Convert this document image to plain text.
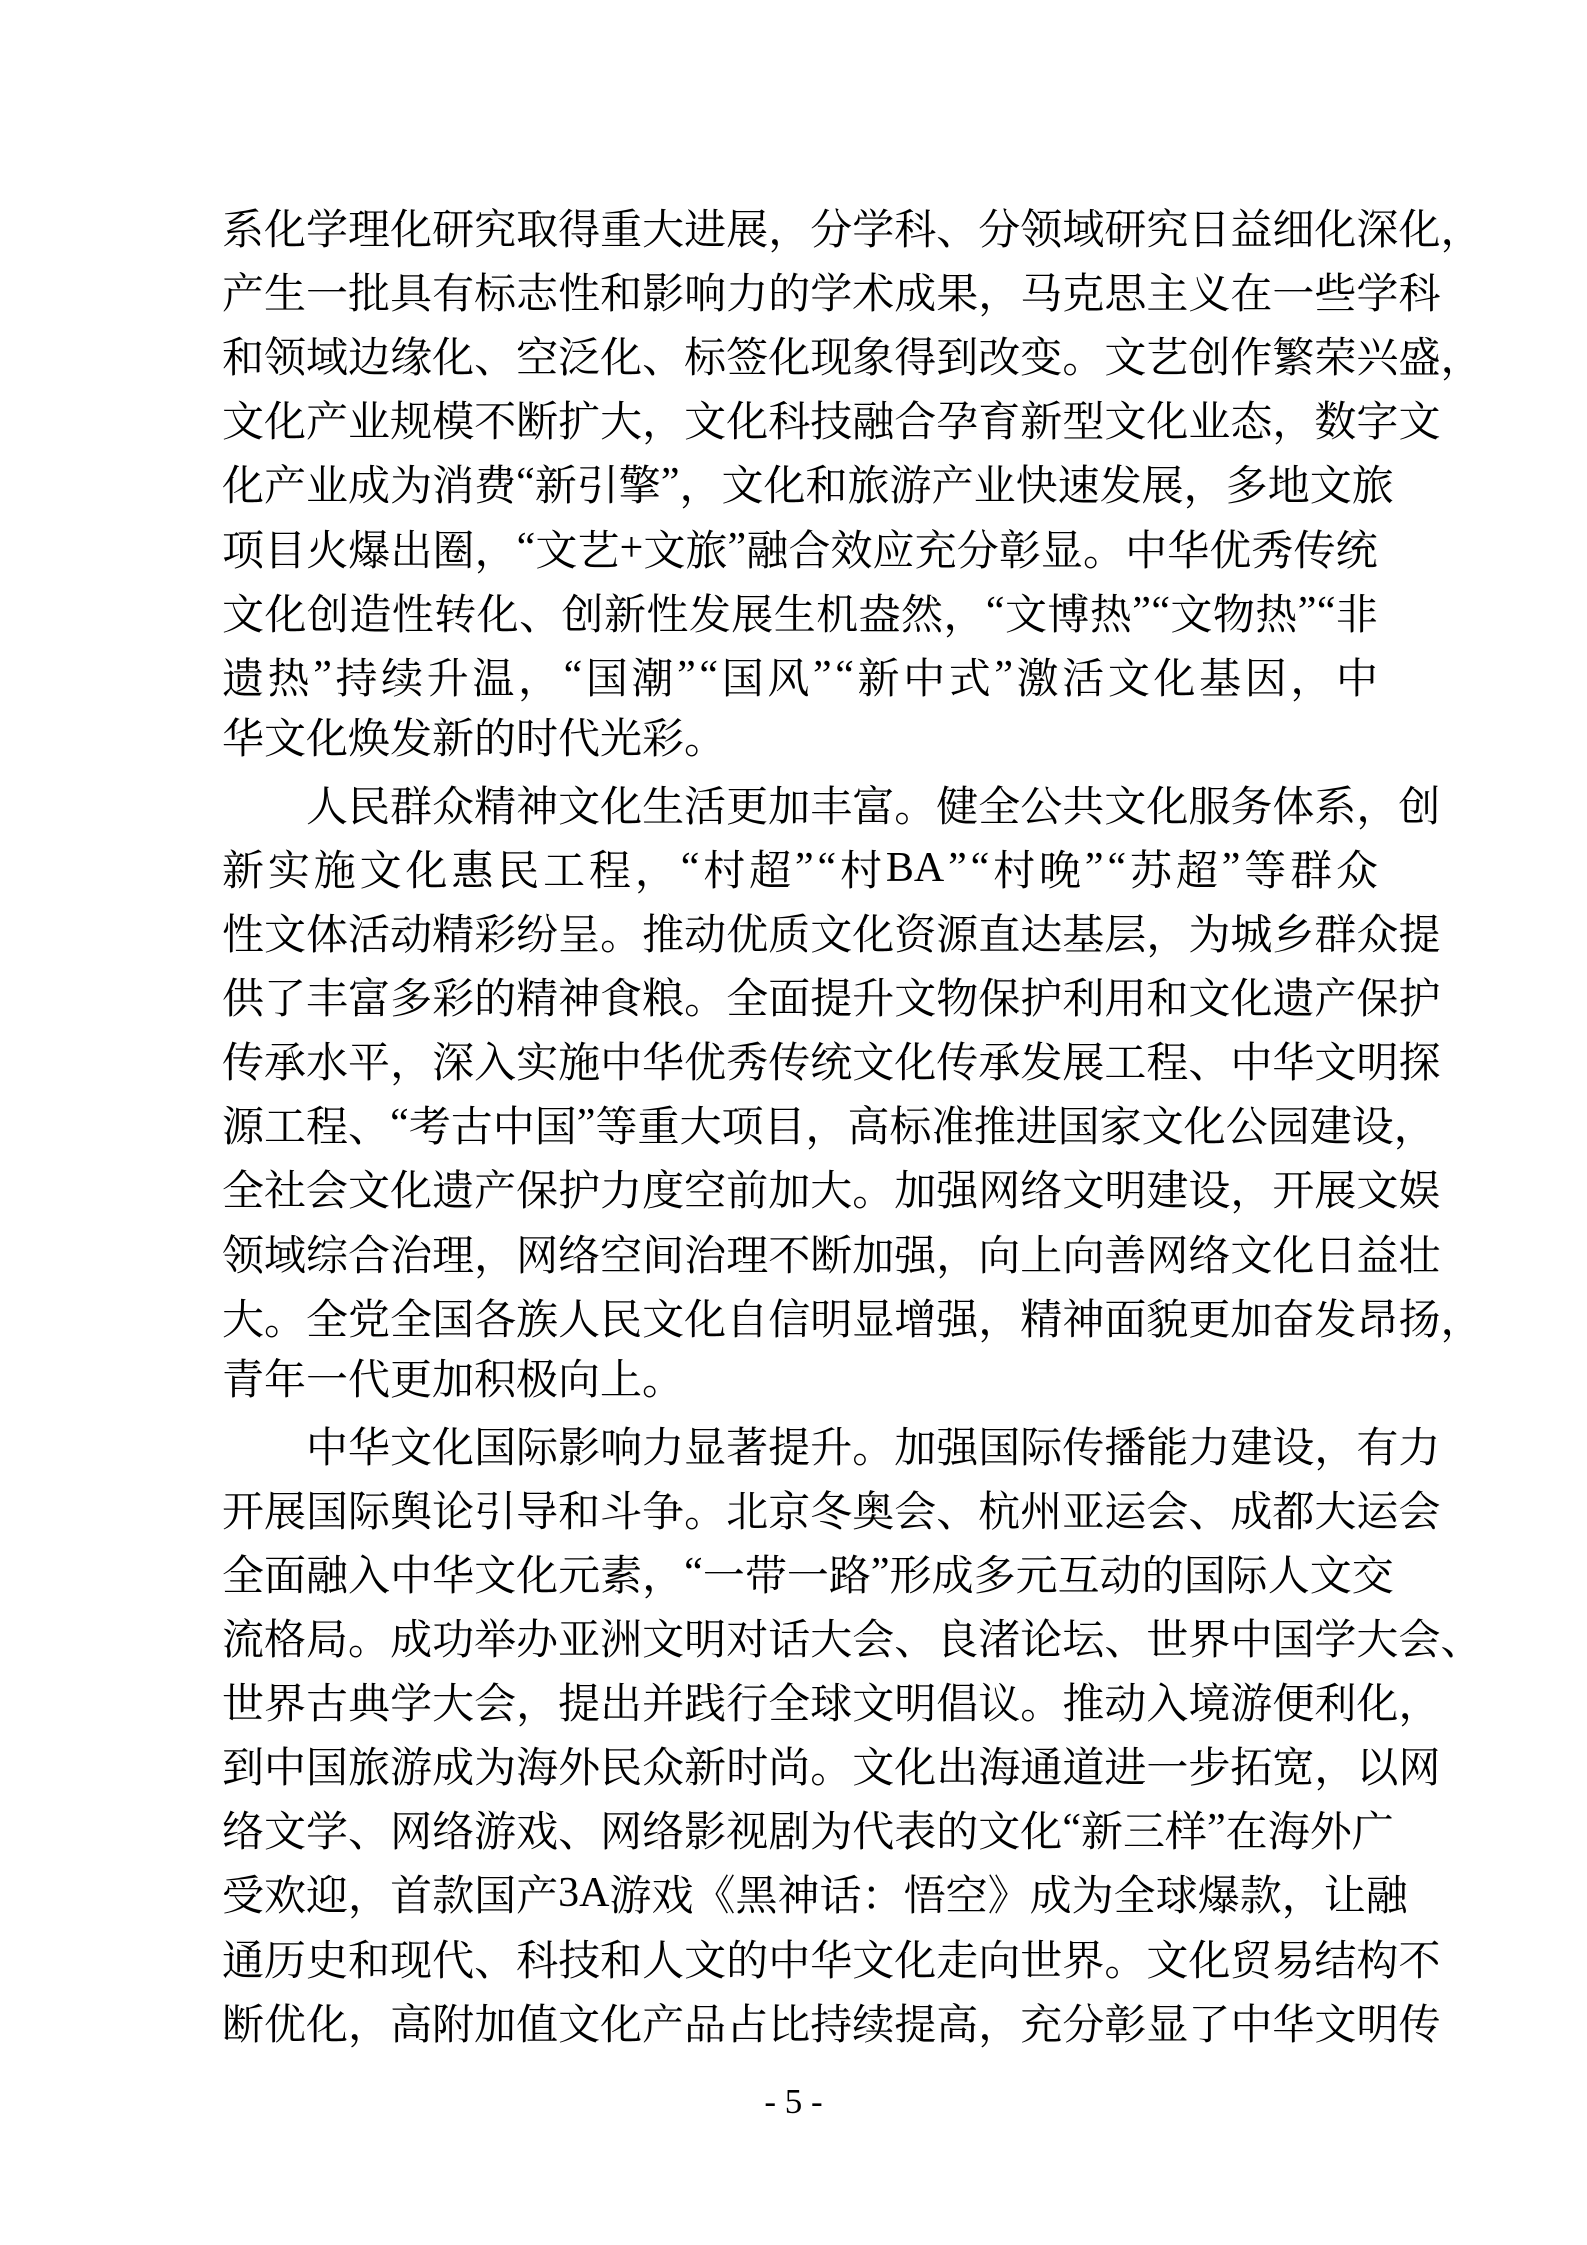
系 化 学 理 化 研 究 取 得 重 大 进 展 ， 分 学 科 、 分 领 域 研 究 日 益 细 化 深 化 ，
产 生 一 批 具 有 标 志 性 和 影 响 力 的 学 术 成 果 ， 马 克 思 主 义 在 一 些 学 科
和 领 域 边 缘 化 、 空 泛 化 、 标 签 化 现 象 得 到 改 变 。 文 艺 创 作 繁 荣 兴 盛 ，
文 化 产 业 规 模 不 断 扩 大 ， 文 化 科 技 融 合 孕 育 新 型 文 化 业 态 ， 数 字 文
化 产 业 成 为 消 费 “ 新 引 擎 ” ， 文 化 和 旅 游 产 业 快 速 发 展 ， 多 地 文 旅
项 目 火 爆 出 圈 ， “ 文 艺 + 文 旅 ” 融 合 效 应 充 分 彰 显 。 中 华 优 秀 传 统
文 化 创 造 性 转 化 、 创 新 性 发 展 生 机 盎 然 ， “ 文 博 热 ” “ 文 物 热 ” “ 非
遗 热 ” 持 续 升 温 ， “ 国 潮 ” “ 国 风 ” “ 新 中 式 ” 激 活 文 化 基 因 ， 中
华文化焕发新的时代光彩。
人 民 群 众 精 神 文 化 生 活 更 加 丰 富 。 健 全 公 共 文 化 服 务 体 系 ， 创
新 实 施 文 化 惠 民 工 程 ， “ 村 超 ” “ 村 BA ” “ 村 晚 ” “ 苏 超 ” 等 群 众
性 文 体 活 动 精 彩 纷 呈 。 推 动 优 质 文 化 资 源 直 达 基 层 ， 为 城 乡 群 众 提
供 了 丰 富 多 彩 的 精 神 食 粮 。 全 面 提 升 文 物 保 护 利 用 和 文 化 遗 产 保 护
传 承 水 平 ， 深 入 实 施 中 华 优 秀 传 统 文 化 传 承 发 展 工 程 、 中 华 文 明 探
源 工 程 、 “ 考 古 中 国 ” 等 重 大 项 目 ， 高 标 准 推 进 国 家 文 化 公 园 建 设 ，
全 社 会 文 化 遗 产 保 护 力 度 空 前 加 大 。 加 强 网 络 文 明 建 设 ， 开 展 文 娱
领 域 综 合 治 理 ， 网 络 空 间 治 理 不 断 加 强 ， 向 上 向 善 网 络 文 化 日 益 壮
大 。 全 党 全 国 各 族 人 民 文 化 自 信 明 显 增 强 ， 精 神 面 貌 更 加 奋 发 昂 扬 ，
青年一代更加积极向上。
中 华 文 化 国 际 影 响 力 显 著 提 升 。 加 强 国 际 传 播 能 力 建 设 ， 有 力
开 展 国 际 舆 论 引 导 和 斗 争 。 北 京 冬 奥 会 、 杭 州 亚 运 会 、 成 都 大 运 会
全 面 融 入 中 华 文 化 元 素 ， “ 一 带 一 路 ” 形 成 多 元 互 动 的 国 际 人 文 交
流 格 局 。 成 功 举 办 亚 洲 文 明 对 话 大 会 、 良 渚 论 坛 、 世 界 中 国 学 大 会 、
世 界 古 典 学 大 会 ， 提 出 并 践 行 全 球 文 明 倡 议 。 推 动 入 境 游 便 利 化 ，
到 中 国 旅 游 成 为 海 外 民 众 新 时 尚 。 文 化 出 海 通 道 进 一 步 拓 宽 ， 以 网
络 文 学 、 网 络 游 戏 、 网 络 影 视 剧 为 代 表 的 文 化 “ 新 三 样 ” 在 海 外 广
受 欢 迎 ， 首 款 国 产 3A 游 戏 《 黑 神 话 ： 悟 空 》 成 为 全 球 爆 款 ， 让 融
通 历 史 和 现 代 、 科 技 和 人 文 的 中 华 文 化 走 向 世 界 。 文 化 贸 易 结 构 不
断 优 化 ， 高 附 加 值 文 化 产 品 占 比 持 续 提 高 ， 充 分 彰 显 了 中 华 文 明 传
- 5 -
